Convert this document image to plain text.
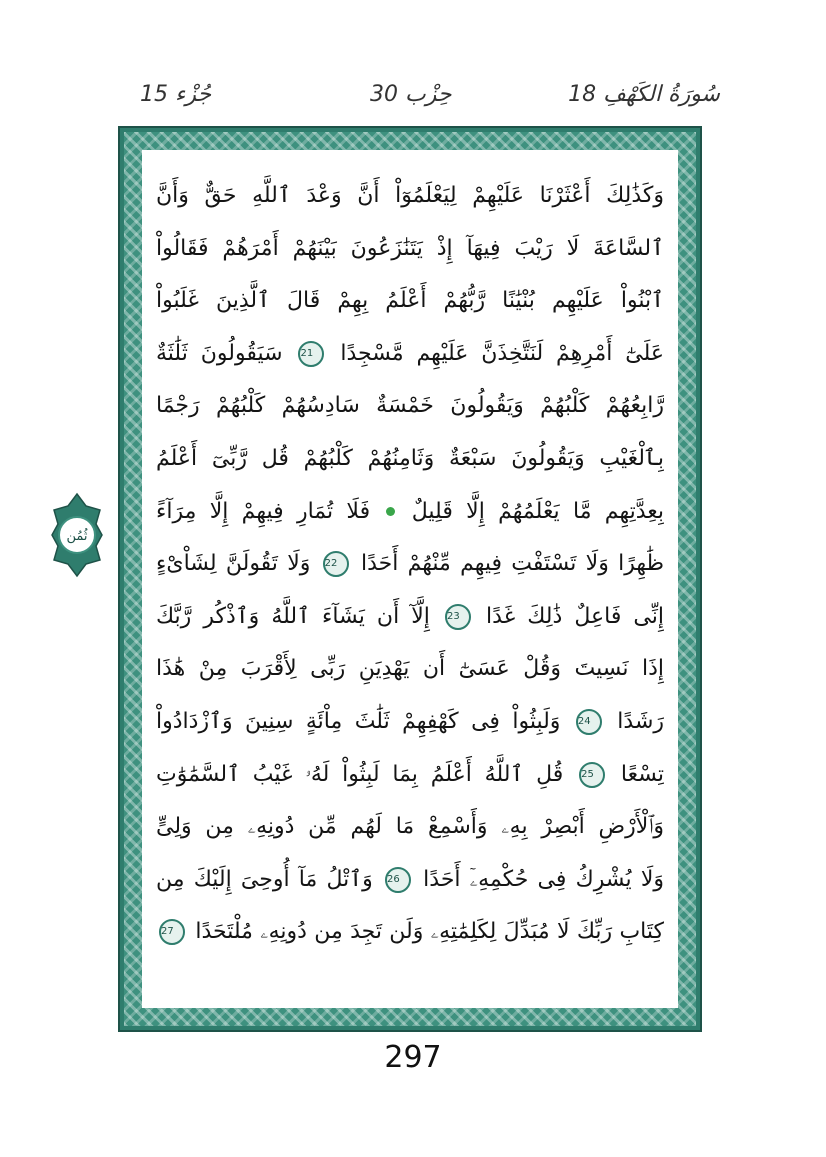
جُزْء 15	حِزْب 30	18 سُورَةُ الكَهْفِ
وَكَذَٰلِكَ أَعْثَرْنَا عَلَيْهِمْ لِيَعْلَمُوٓاْ أَنَّ وَعْدَ ٱللَّهِ حَقٌّ وَأَنَّ
ٱلسَّاعَةَ لَا رَيْبَ فِيهَآ إِذْ يَتَنَٰزَعُونَ بَيْنَهُمْ أَمْرَهُمْ فَقَالُواْ
ٱبْنُواْ عَلَيْهِم بُنْيَٰنًا رَّبُّهُمْ أَعْلَمُ بِهِمْ قَالَ ٱلَّذِينَ غَلَبُواْ
عَلَىٰٓ أَمْرِهِمْ لَنَتَّخِذَنَّ عَلَيْهِم مَّسْجِدًا 21 سَيَقُولُونَ ثَلَٰثَةٌ
رَّابِعُهُمْ كَلْبُهُمْ وَيَقُولُونَ خَمْسَةٌ سَادِسُهُمْ كَلْبُهُمْ رَجْمًا
بِٱلْغَيْبِ وَيَقُولُونَ سَبْعَةٌ وَثَامِنُهُمْ كَلْبُهُمْ قُل رَّبِّىٓ أَعْلَمُ
بِعِدَّتِهِم مَّا يَعْلَمُهُمْ إِلَّا قَلِيلٌ  فَلَا تُمَارِ فِيهِمْ إِلَّا مِرَآءً
ظَٰهِرًا وَلَا تَسْتَفْتِ فِيهِم مِّنْهُمْ أَحَدًا 22 وَلَا تَقُولَنَّ لِشَاْىْءٍ
إِنِّى فَاعِلٌ ذَٰلِكَ غَدًا 23 إِلَّآ أَن يَشَآءَ ٱللَّهُ وَٱذْكُر رَّبَّكَ
إِذَا نَسِيتَ وَقُلْ عَسَىٰٓ أَن يَهْدِيَنِ رَبِّى لِأَقْرَبَ مِنْ هَٰذَا
رَشَدًا 24 وَلَبِثُواْ فِى كَهْفِهِمْ ثَلَٰثَ مِاْئَةٍ سِنِينَ وَٱزْدَادُواْ
تِسْعًا 25 قُلِ ٱللَّهُ أَعْلَمُ بِمَا لَبِثُواْ لَهُۥ غَيْبُ ٱلسَّمَٰوَٰتِ
وَٱلْأَرْضِ أَبْصِرْ بِهِۦ وَأَسْمِعْ مَا لَهُم مِّن دُونِهِۦ مِن وَلِىٍّ
وَلَا يُشْرِكُ فِى حُكْمِهِۦٓ أَحَدًا 26 وَٱتْلُ مَآ أُوحِىَ إِلَيْكَ مِن
كِتَابِ رَبِّكَ لَا مُبَدِّلَ لِكَلِمَٰتِهِۦ وَلَن تَجِدَ مِن دُونِهِۦ مُلْتَحَدًا 27
ثُمُن
297
